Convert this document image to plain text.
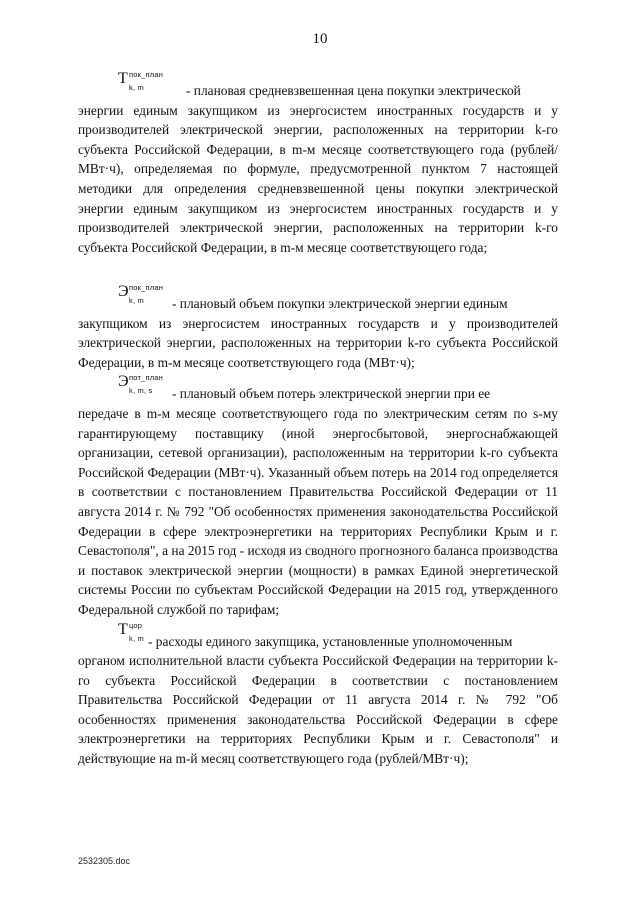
10
T пок_план
k, m	- плановая средневзвешенная цена покупки электрической
энергии единым закупщиком из энергосистем иностранных государств и у производителей электрической энергии, расположенных на территории k-го субъекта Российской Федерации, в m-м месяце соответствующего года (рублей/МВт·ч), определяемая по формуле, предусмотренной пунктом 7 настоящей методики для определения средневзвешенной цены покупки электрической энергии единым закупщиком из энергосистем иностранных государств и у производителей электрической энергии, расположенных на территории k-го субъекта Российской Федерации, в m-м месяце соответствующего года;
Э пок_план
k, m	- плановый объем покупки электрической энергии единым
закупщиком из энергосистем иностранных государств и у производителей электрической энергии, расположенных на территории k-го субъекта Российской Федерации, в m-м месяце соответствующего года (МВт·ч);
Э пот_план
k, m, s	- плановый объем потерь электрической энергии при ее
передаче в m-м месяце соответствующего года по электрическим сетям по s-му гарантирующему поставщику (иной энергосбытовой, энергоснабжающей организации, сетевой организации), расположенным на территории k-го субъекта Российской Федерации (МВт·ч). Указанный объем потерь на 2014 год определяется в соответствии с постановлением Правительства Российской Федерации от 11 августа 2014 г. № 792 "Об особенностях применения законодательства Российской Федерации в сфере электроэнергетики на территориях Республики Крым и г. Севастополя", а на 2015 год - исходя из сводного прогнозного баланса производства и поставок электрической энергии (мощности) в рамках Единой энергетической системы России по субъектам Российской Федерации на 2015 год, утвержденного Федеральной службой по тарифам;
T цор
k, m - расходы единого закупщика, установленные уполномоченным
органом исполнительной власти субъекта Российской Федерации на территории k-го субъекта Российской Федерации в соответствии с постановлением Правительства Российской Федерации от 11 августа 2014 г. № 792 "Об особенностях применения законодательства Российской Федерации в сфере электроэнергетики на территориях Республики Крым и г. Севастополя" и действующие на m-й месяц соответствующего года (рублей/МВт·ч);
2532305.doc
